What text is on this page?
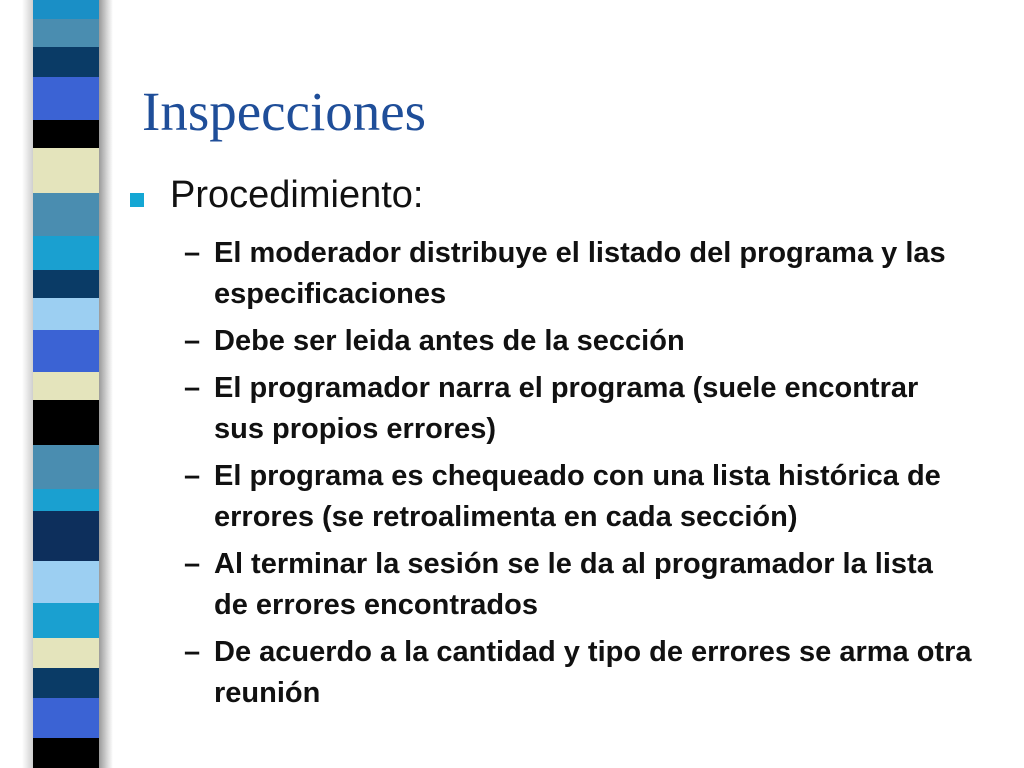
Inspecciones
Procedimiento:
– El moderador distribuye el listado del programa y las especificaciones
– Debe ser leida antes de la sección
– El programador narra el programa (suele encontrar sus propios errores)
– El programa es chequeado con una lista histórica de errores (se retroalimenta en cada sección)
– Al terminar la sesión se le da al programador la lista de errores encontrados
– De acuerdo a la cantidad y tipo de errores se arma otra reunión
